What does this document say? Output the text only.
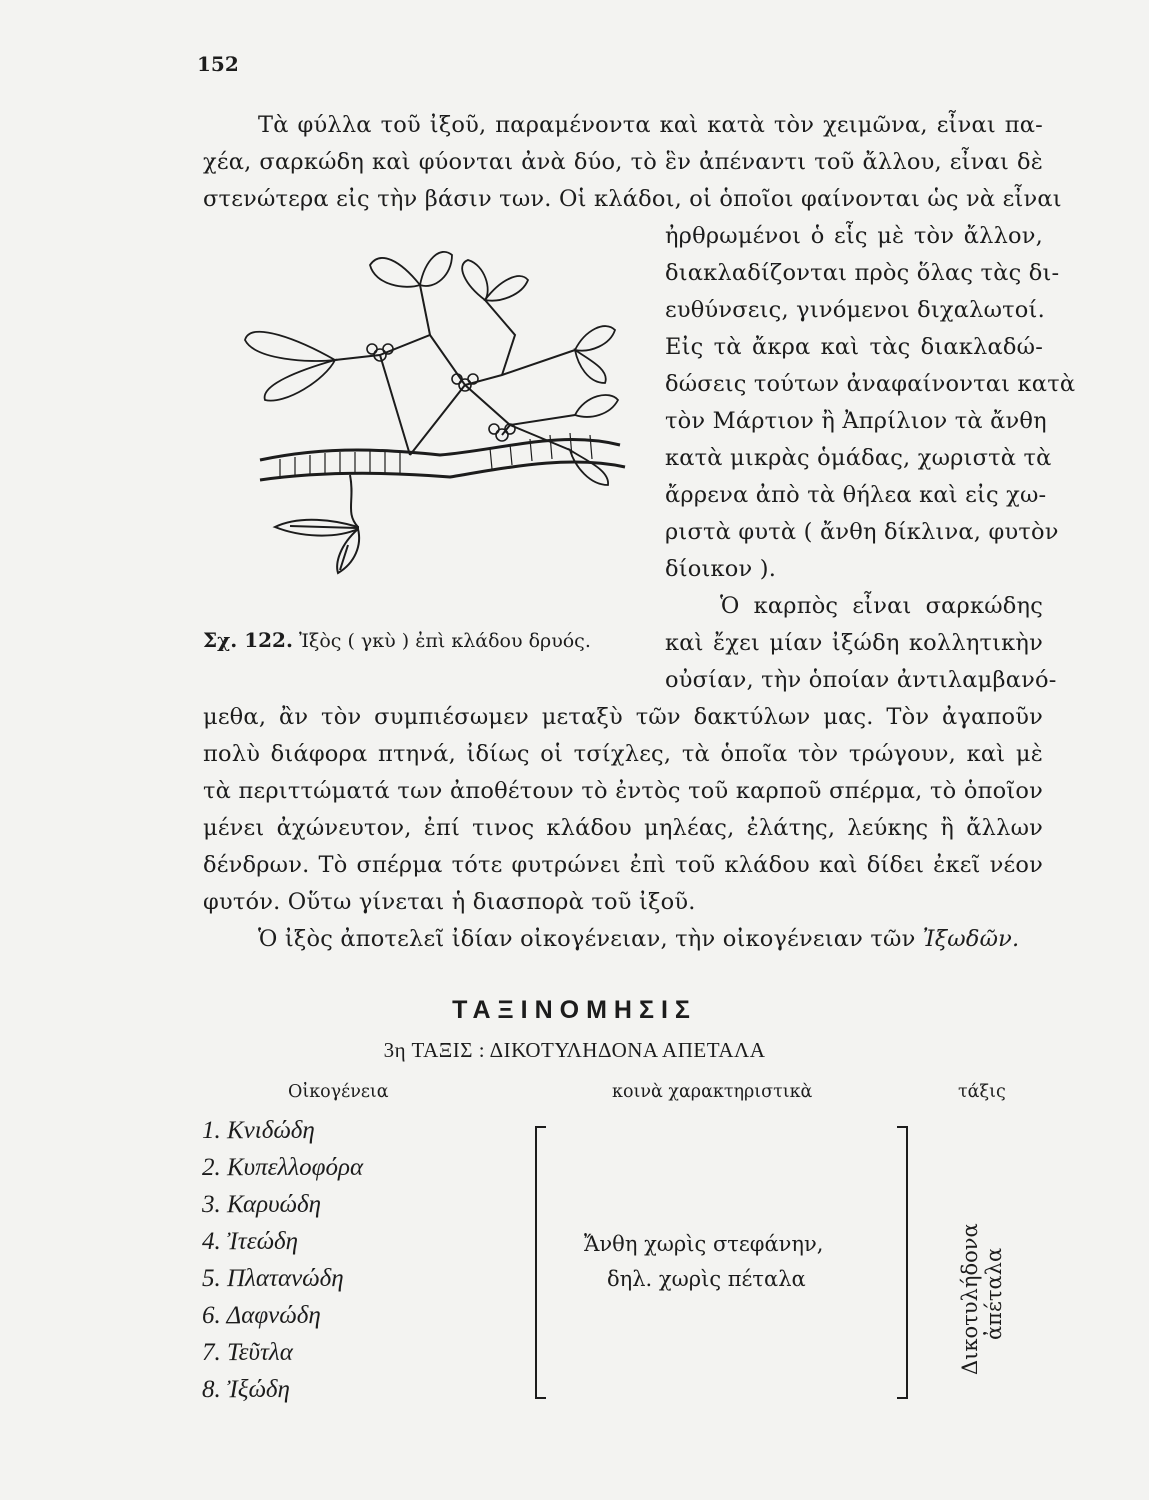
152
Τὰ φύλλα τοῦ ἰξοῦ, παραμένοντα καὶ κατὰ τὸν χειμῶνα, εἶναι πα-
χέα, σαρκώδη καὶ φύονται ἀνὰ δύο, τὸ ἓν ἀπέναντι τοῦ ἄλλου, εἶναι δὲ
στενώτερα εἰς τὴν βάσιν των. Οἱ κλάδοι, οἱ ὁποῖοι φαίνονται ὡς νὰ εἶναι
ἠρθρωμένοι ὁ εἷς μὲ τὸν ἄλλον,
διακλαδίζονται πρὸς ὅλας τὰς δι-
ευθύνσεις, γινόμενοι διχαλωτοί.
Εἰς τὰ ἄκρα καὶ τὰς διακλαδώ-
δώσεις τούτων ἀναφαίνονται κατὰ
τὸν Μάρτιον ἢ Ἀπρίλιον τὰ ἄνθη
κατὰ μικρὰς ὁμάδας, χωριστὰ τὰ
ἄρρενα ἀπὸ τὰ θήλεα καὶ εἰς χω-
ριστὰ φυτὰ ( ἄνθη δίκλινα, φυτὸν
δίοικον ).
Ὁ καρπὸς εἶναι σαρκώδης
καὶ ἔχει μίαν ἰξώδη κολλητικὴν
οὐσίαν, τὴν ὁποίαν ἀντιλαμβανό-
μεθα, ἂν τὸν συμπιέσωμεν μεταξὺ τῶν δακτύλων μας. Τὸν ἀγαποῦν
πολὺ διάφορα πτηνά, ἰδίως οἱ τσίχλες, τὰ ὁποῖα τὸν τρώγουν, καὶ μὲ
τὰ περιττώματά των ἀποθέτουν τὸ ἐντὸς τοῦ καρποῦ σπέρμα, τὸ ὁποῖον
μένει ἀχώνευτον, ἐπί τινος κλάδου μηλέας, ἐλάτης, λεύκης ἢ ἄλλων
δένδρων. Τὸ σπέρμα τότε φυτρώνει ἐπὶ τοῦ κλάδου καὶ δίδει ἐκεῖ νέον
φυτόν. Οὕτω γίνεται ἡ διασπορὰ τοῦ ἰξοῦ.
Ὁ ἰξὸς ἀποτελεῖ ἰδίαν οἰκογένειαν, τὴν οἰκογένειαν τῶν Ἰξωδῶν.
Σχ. 122. Ἰξὸς ( γκὺ ) ἐπὶ κλάδου δρυός.
ΤΑΞΙΝΟΜΗΣΙΣ
3η ΤΑΞΙΣ : ΔΙΚΟΤΥΛΗΔΟΝΑ ΑΠΕΤΑΛΑ
Οἰκογένεια	κοινὰ χαρακτηριστικὰ	τάξις
1. Κνιδώδη
2. Κυπελλοφόρα
3. Καρυώδη
4. Ἰτεώδη
5. Πλατανώδη
6. Δαφνώδη
7. Τεῦτλα
8. Ἰξώδη
Ἄνθη χωρὶς στεφάνην,
δηλ. χωρὶς πέταλα	Δικοτυλήδονα ἀπέταλα
